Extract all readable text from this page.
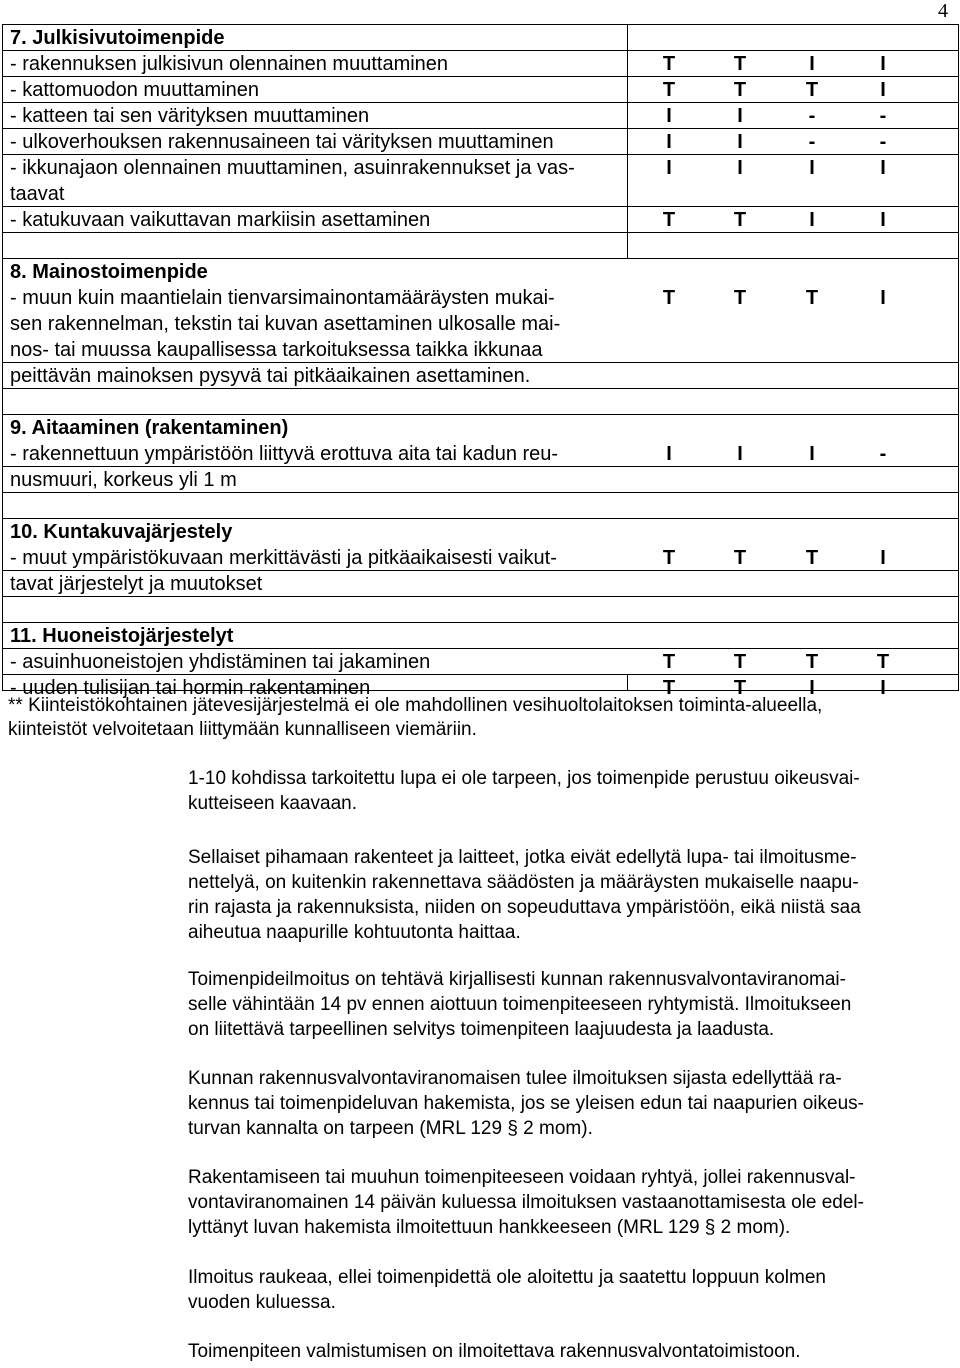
4
7. Julkisivutoimenpide
- rakennuksen julkisivun olennainen muuttaminen	T	T	I	I
- kattomuodon muuttaminen	T	T	T	I
- katteen tai sen värityksen muuttaminen	I	I	-	-
- ulkoverhouksen rakennusaineen tai värityksen muuttaminen	I	I	-	-
- ikkunajaon olennainen muuttaminen, asuinrakennukset ja vas-	I	I	I	I
taavat
- katukuvaan vaikuttavan markiisin asettaminen	T	T	I	I
8. Mainostoimenpide
- muun kuin maantielain tienvarsimainontamääräysten mukai-	T	T	T	I
sen rakennelman, tekstin tai kuvan asettaminen ulkosalle mai-
nos- tai muussa kaupallisessa tarkoituksessa taikka ikkunaa
peittävän mainoksen pysyvä tai pitkäaikainen asettaminen.
9. Aitaaminen (rakentaminen)
- rakennettuun ympäristöön liittyvä erottuva aita tai kadun reu-	I	I	I	-
nusmuuri, korkeus yli 1 m
10. Kuntakuvajärjestely
- muut ympäristökuvaan merkittävästi ja pitkäaikaisesti vaikut-	T	T	T	I
tavat järjestelyt ja muutokset
11. Huoneistojärjestelyt
- asuinhuoneistojen yhdistäminen tai jakaminen	T	T	T	T
- uuden tulisijan tai hormin rakentaminen	T	T	I	I
** Kiinteistökohtainen jätevesijärjestelmä ei ole mahdollinen vesihuoltolaitoksen toiminta-alueella,
kiinteistöt velvoitetaan liittymään kunnalliseen viemäriin.
1-10 kohdissa tarkoitettu lupa ei ole tarpeen, jos toimenpide perustuu oikeusvai-
kutteiseen kaavaan.
Sellaiset pihamaan rakenteet ja laitteet, jotka eivät edellytä lupa- tai ilmoitusme-
nettelyä, on kuitenkin rakennettava säädösten ja määräysten mukaiselle naapu-
rin rajasta ja rakennuksista, niiden on sopeuduttava ympäristöön, eikä niistä saa
aiheutua naapurille kohtuutonta haittaa.
Toimenpideilmoitus on tehtävä kirjallisesti kunnan rakennusvalvontaviranomai-
selle vähintään 14 pv ennen aiottuun toimenpiteeseen ryhtymistä. Ilmoitukseen
on liitettävä tarpeellinen selvitys toimenpiteen laajuudesta ja laadusta.
Kunnan rakennusvalvontaviranomaisen tulee ilmoituksen sijasta edellyttää ra-
kennus tai toimenpideluvan hakemista, jos se yleisen edun tai naapurien oikeus-
turvan kannalta on tarpeen (MRL 129 § 2 mom).
Rakentamiseen tai muuhun toimenpiteeseen voidaan ryhtyä, jollei rakennusval-
vontaviranomainen 14 päivän kuluessa ilmoituksen vastaanottamisesta ole edel-
lyttänyt luvan hakemista ilmoitettuun hankkeeseen (MRL 129 § 2 mom).
Ilmoitus raukeaa, ellei toimenpidettä ole aloitettu ja saatettu loppuun kolmen
vuoden kuluessa.
Toimenpiteen valmistumisen on ilmoitettava rakennusvalvontatoimistoon.
